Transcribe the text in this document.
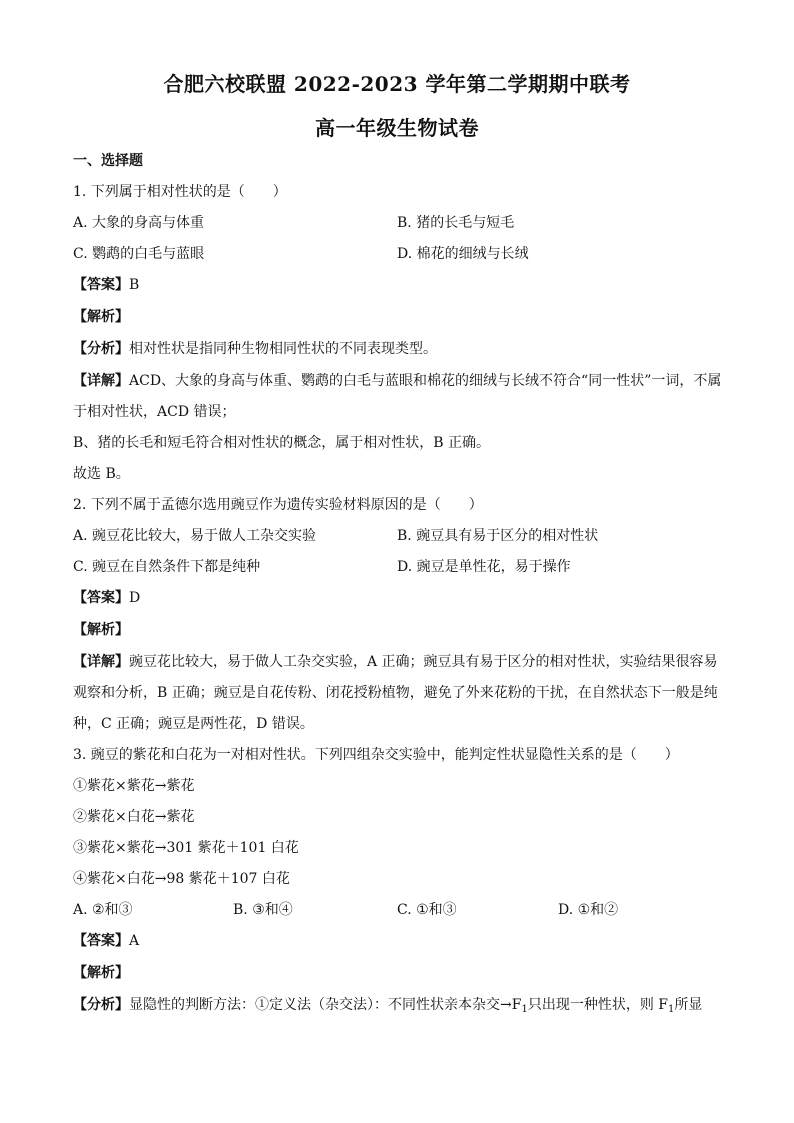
合肥六校联盟 2022-2023 学年第二学期期中联考
高一年级生物试卷
一、选择题
1. 下列属于相对性状的是（　　）
A. 大象的身高与体重	B. 猪的长毛与短毛
C. 鹦鹉的白毛与蓝眼	D. 棉花的细绒与长绒
【答案】B
【解析】
【分析】相对性状是指同种生物相同性状的不同表现类型。
【详解】ACD、大象的身高与体重、鹦鹉的白毛与蓝眼和棉花的细绒与长绒不符合“同一性状”一词，不属
于相对性状，ACD 错误；
B、猪的长毛和短毛符合相对性状的概念，属于相对性状，B 正确。
故选 B。
2. 下列不属于孟德尔选用豌豆作为遗传实验材料原因的是（　　）
A. 豌豆花比较大，易于做人工杂交实验	B. 豌豆具有易于区分的相对性状
C. 豌豆在自然条件下都是纯种	D. 豌豆是单性花，易于操作
【答案】D
【解析】
【详解】豌豆花比较大，易于做人工杂交实验，A 正确；豌豆具有易于区分的相对性状，实验结果很容易
观察和分析，B 正确；豌豆是自花传粉、闭花授粉植物，避免了外来花粉的干扰，在自然状态下一般是纯
种，C 正确；豌豆是两性花，D 错误。
3. 豌豆的紫花和白花为一对相对性状。下列四组杂交实验中，能判定性状显隐性关系的是（　　）
①紫花×紫花→紫花
②紫花×白花→紫花
③紫花×紫花→301 紫花＋101 白花
④紫花×白花→98 紫花＋107 白花
A. ②和③	B. ③和④	C. ①和③	D. ①和②
【答案】A
【解析】
【分析】显隐性的判断方法：①定义法（杂交法）：不同性状亲本杂交$\to F_1$只出现一种性状，则 $F_1$所显
